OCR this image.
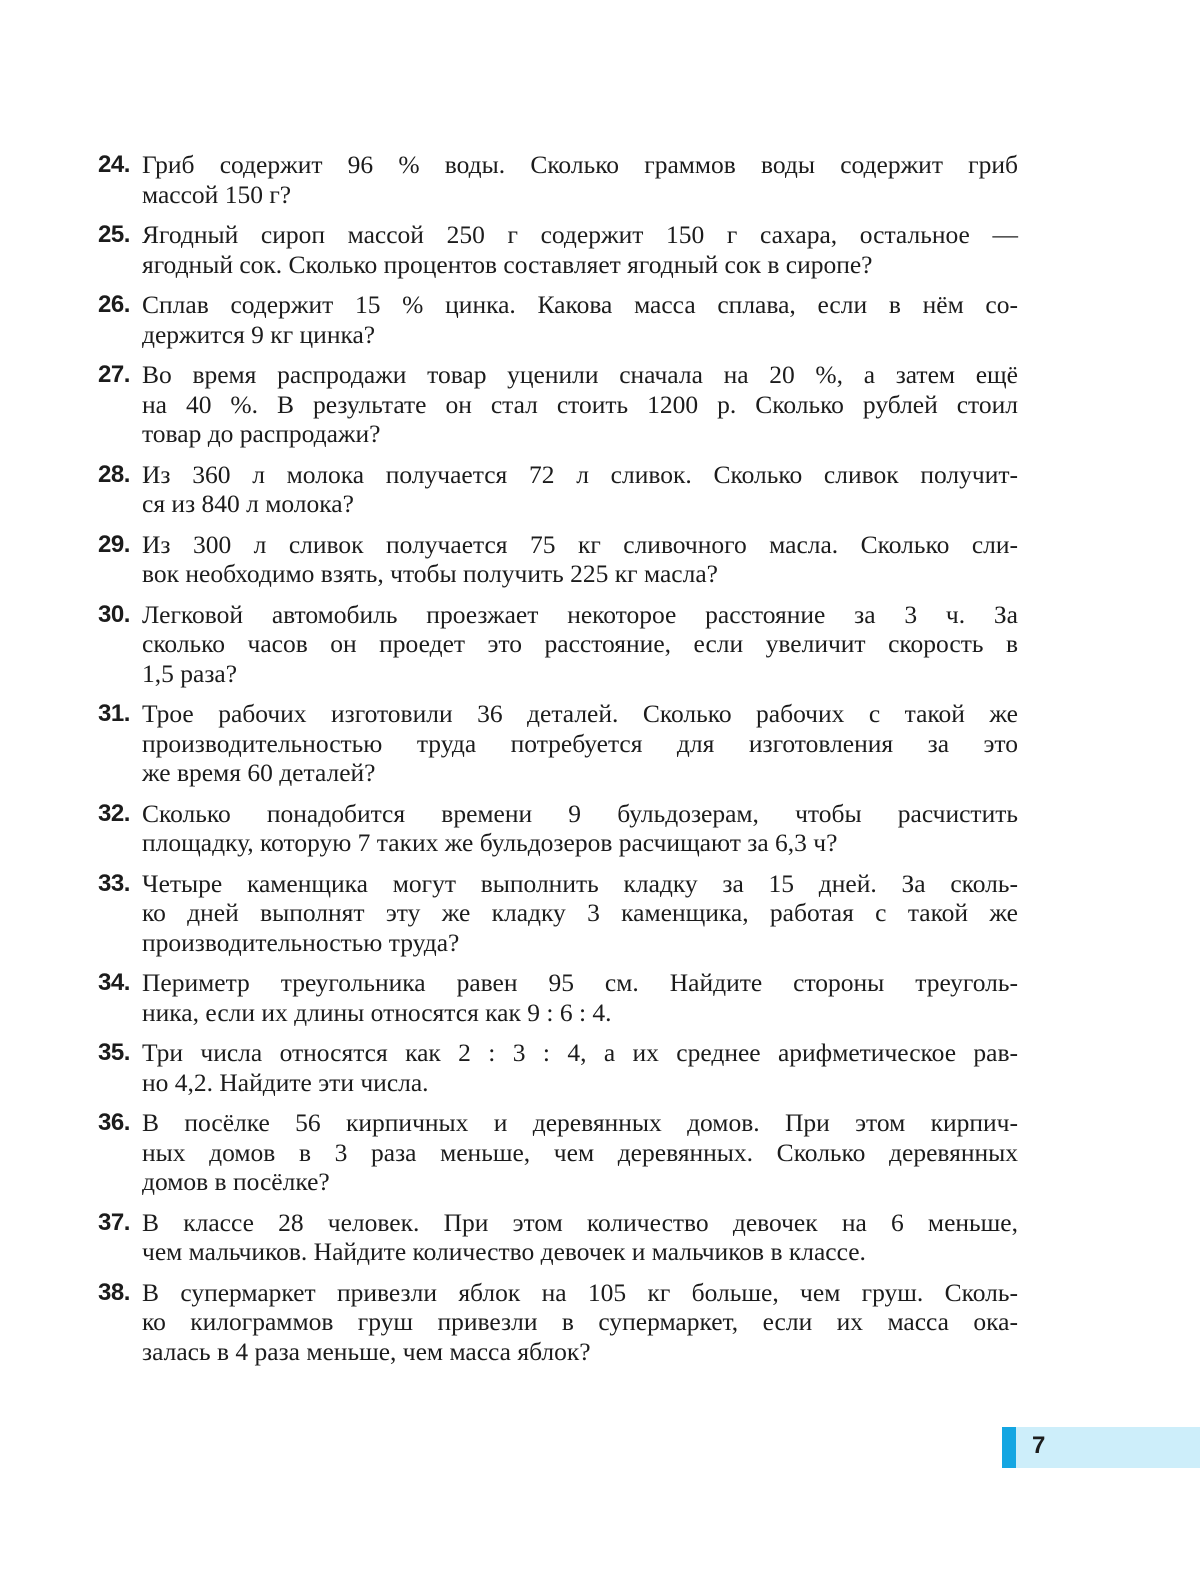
24. Гриб содержит 96 % воды. Сколько граммов воды содержит гриб
массой 150 г?
25. Ягодный сироп массой 250 г содержит 150 г сахара, остальное —
ягодный сок. Сколько процентов составляет ягодный сок в сиропе?
26. Сплав содержит 15 % цинка. Какова масса сплава, если в нём со-
держится 9 кг цинка?
27. Во время распродажи товар уценили сначала на 20 %, а затем ещё
на 40 %. В результате он стал стоить 1200 р. Сколько рублей стоил
товар до распродажи?
28. Из 360 л молока получается 72 л сливок. Сколько сливок получит-
ся из 840 л молока?
29. Из 300 л сливок получается 75 кг сливочного масла. Сколько сли-
вок необходимо взять, чтобы получить 225 кг масла?
30. Легковой автомобиль проезжает некоторое расстояние за 3 ч. За
сколько часов он проедет это расстояние, если увеличит скорость в
1,5 раза?
31. Трое рабочих изготовили 36 деталей. Сколько рабочих с такой же
производительностью труда потребуется для изготовления за это
же время 60 деталей?
32. Сколько понадобится времени 9 бульдозерам, чтобы расчистить
площадку, которую 7 таких же бульдозеров расчищают за 6,3 ч?
33. Четыре каменщика могут выполнить кладку за 15 дней. За сколь-
ко дней выполнят эту же кладку 3 каменщика, работая с такой же
производительностью труда?
34. Периметр треугольника равен 95 см. Найдите стороны треуголь-
ника, если их длины относятся как 9 : 6 : 4.
35. Три числа относятся как 2 : 3 : 4, а их среднее арифметическое рав-
но 4,2. Найдите эти числа.
36. В посёлке 56 кирпичных и деревянных домов. При этом кирпич-
ных домов в 3 раза меньше, чем деревянных. Сколько деревянных
домов в посёлке?
37. В классе 28 человек. При этом количество девочек на 6 меньше,
чем мальчиков. Найдите количество девочек и мальчиков в классе.
38. В супермаркет привезли яблок на 105 кг больше, чем груш. Сколь-
ко килограммов груш привезли в супермаркет, если их масса ока-
залась в 4 раза меньше, чем масса яблок?
7
